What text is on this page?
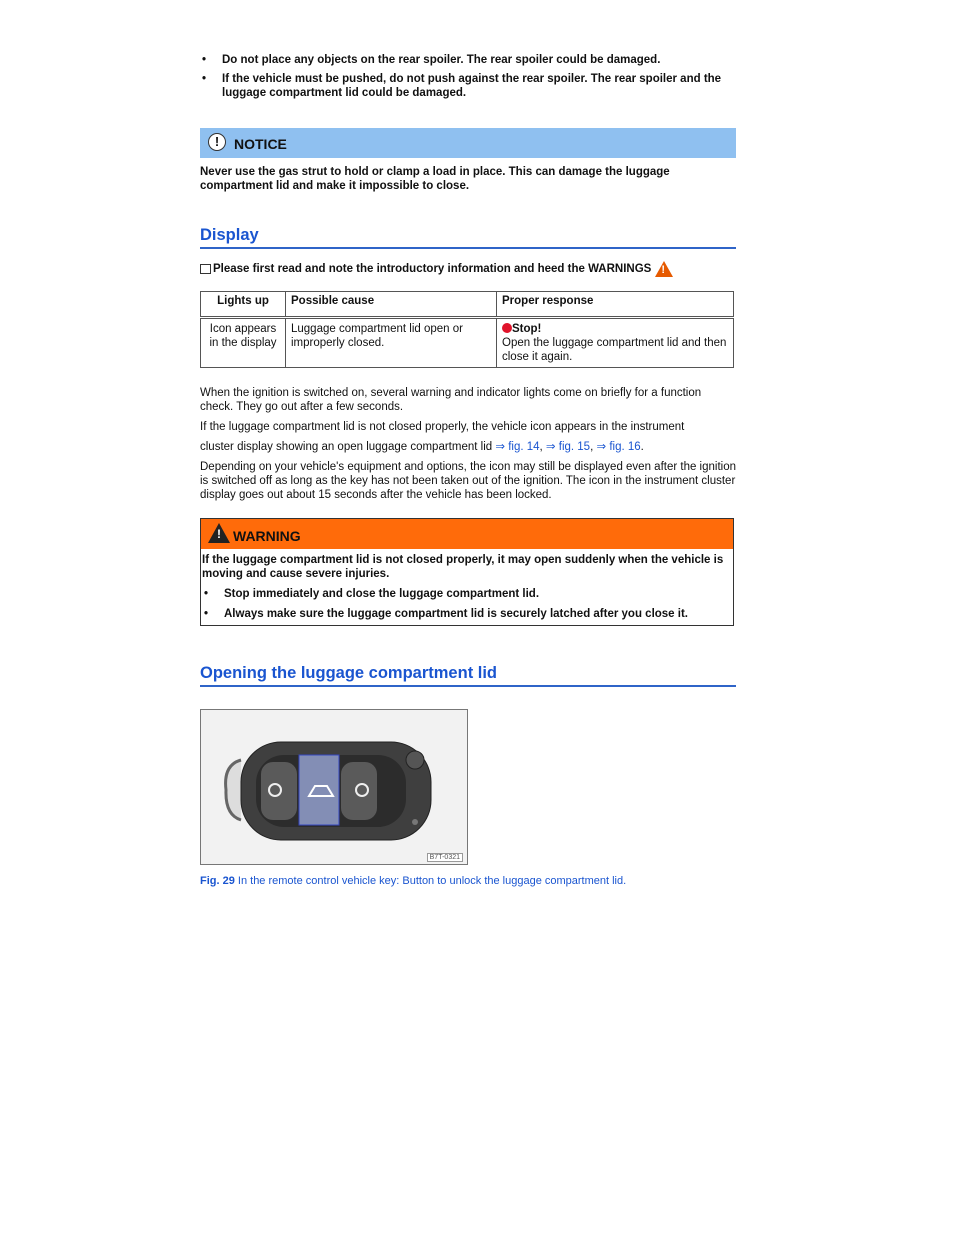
• Do not place any objects on the rear spoiler. The rear spoiler could be damaged.
• If the vehicle must be pushed, do not push against the rear spoiler. The rear spoiler and the luggage compartment lid could be damaged.
!	NOTICE
Never use the gas strut to hold or clamp a load in place. This can damage the luggage compartment lid and make it impossible to close.
Display
Please first read and note the introductory information and heed the WARNINGS !
Lights up	Possible cause	Proper response
Icon appears in the display	Luggage compartment lid open or improperly closed.	Stop!
Open the luggage compartment lid and then close it again.

When the ignition is switched on, several warning and indicator lights come on briefly for a function check. They go out after a few seconds.

If the luggage compartment lid is not closed properly, the vehicle icon appears in the instrument

cluster display showing an open luggage compartment lid ⇒ fig. 14, ⇒ fig. 15, ⇒ fig. 16.

Depending on your vehicle's equipment and options, the icon may still be displayed even after the ignition is switched off as long as the key has not been taken out of the ignition. The icon in the instrument cluster display goes out about 15 seconds after the vehicle has been locked.

! WARNING
If the luggage compartment lid is not closed properly, it may open suddenly when the vehicle is moving and cause severe injuries.
• Stop immediately and close the luggage compartment lid.
• Always make sure the luggage compartment lid is securely latched after you close it.
Opening the luggage compartment lid
B7T-0321
Fig. 29 In the remote control vehicle key: Button to unlock the luggage compartment lid.
